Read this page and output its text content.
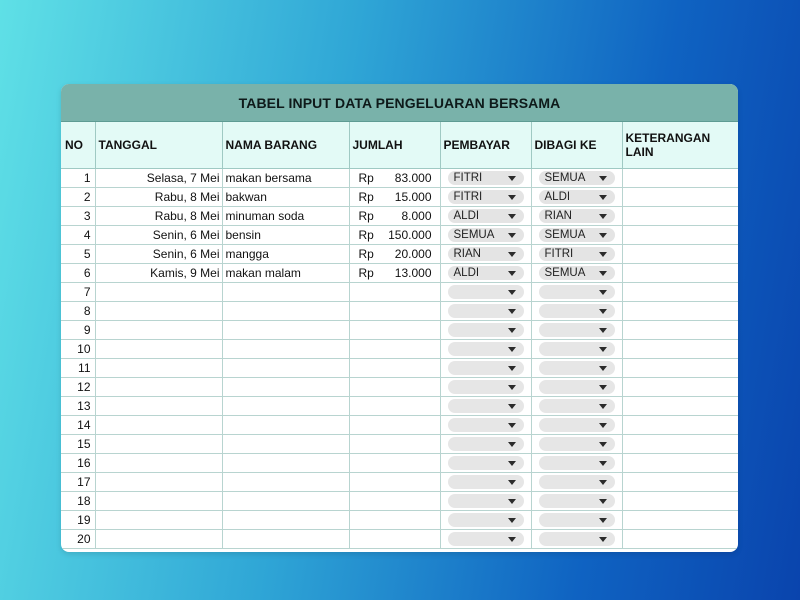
TABEL INPUT DATA PENGELUARAN BERSAMA
NO	TANGGAL	NAMA BARANG	JUMLAH	PEMBAYAR	DIBAGI KE	KETERANGAN LAIN
1	Selasa, 7 Mei	makan bersama	Rp 83.000	FITRI	SEMUA	

2	Rabu, 8 Mei	bakwan	Rp 15.000	FITRI	ALDI	

3	Rabu, 8 Mei	minuman soda	Rp 8.000	ALDI	RIAN	

4	Senin, 6 Mei	bensin	Rp 150.000	SEMUA	SEMUA	

5	Senin, 6 Mei	mangga	Rp 20.000	RIAN	FITRI	

6	Kamis, 9 Mei	makan malam	Rp 13.000	ALDI	SEMUA	

7				

8				

9				

10				

11				

12				

13				

14				

15				

16				

17				

18				

19				

20				
